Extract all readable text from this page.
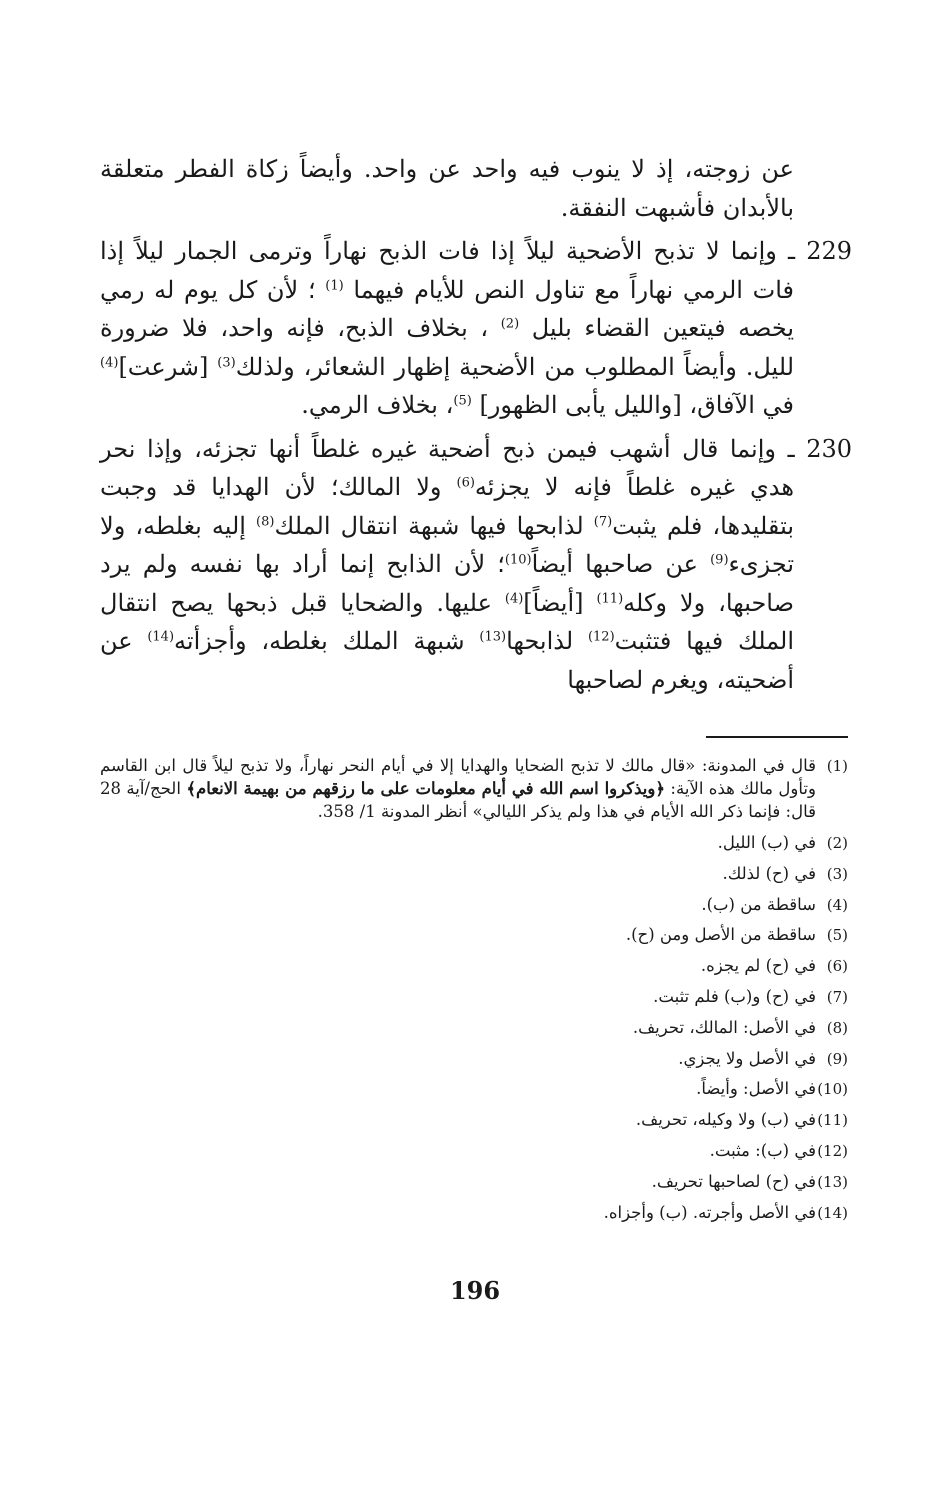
عن زوجته، إذ لا ينوب فيه واحد عن واحد. وأيضاً زكاة الفطر متعلقة بالأبدان فأشبهت النفقة.

229 ـ وإنما لا تذبح الأضحية ليلاً إذا فات الذبح نهاراً وترمى الجمار ليلاً إذا فات الرمي نهاراً مع تناول النص للأيام فيهما $^{(1)}$ ؛ لأن كل يوم له رمي يخصه فيتعين القضاء بليل $^{(2)}$ ، بخلاف الذبح، فإنه واحد، فلا ضرورة لليل. وأيضاً المطلوب من الأضحية إظهار الشعائر، ولذلك$^{(3)}$ [شرعت]$^{(4)}$ في الآفاق، [والليل يأبى الظهور] $^{(5)}$، بخلاف الرمي.

230 ـ وإنما قال أشهب فيمن ذبح أضحية غيره غلطاً أنها تجزئه، وإذا نحر هدي غيره غلطاً فإنه لا يجزئه$^{(6)}$ ولا المالك؛ لأن الهدايا قد وجبت بتقليدها، فلم يثبت$^{(7)}$ لذابحها فيها شبهة انتقال الملك$^{(8)}$ إليه بغلطه، ولا تجزىء$^{(9)}$ عن صاحبها أيضاً$^{(10)}$؛ لأن الذابح إنما أراد بها نفسه ولم يرد صاحبها، ولا وكله$^{(11)}$ [أيضاً]$^{(4)}$ عليها. والضحايا قبل ذبحها يصح انتقال الملك فيها فتثبت$^{(12)}$ لذابحها$^{(13)}$ شبهة الملك بغلطه، وأجزأته$^{(14)}$ عن أضحيته، ويغرم لصاحبها

(1)
قال في المدونة: «قال مالك لا تذبح الضحايا والهدايا إلا في أيام النحر نهاراً، ولا تذبح ليلاً قال ابن القاسم وتأول مالك هذه الآية: ﴿ويذكروا اسم الله في أيام معلومات على ما رزقهم من بهيمة الانعام﴾ الحج/آية 28 قال: فإنما ذكر الله الأيام في هذا ولم يذكر الليالي» أنظر المدونة 1/ 358.
(2)
في (ب) الليل.
(3)
في (ح) لذلك.
(4)
ساقطة من (ب).
(5)
ساقطة من الأصل ومن (ح).
(6)
في (ح) لم يجزه.
(7)
في (ح) و(ب) فلم تثبت.
(8)
في الأصل: المالك، تحريف.
(9)
في الأصل ولا يجزي.
(10)
في الأصل: وأيضاً.
(11)
في (ب) ولا وكيله، تحريف.
(12)
في (ب): مثبت.
(13)
في (ح) لصاحبها تحريف.
(14)
في الأصل وأجرته. (ب) وأجزاه.
196
